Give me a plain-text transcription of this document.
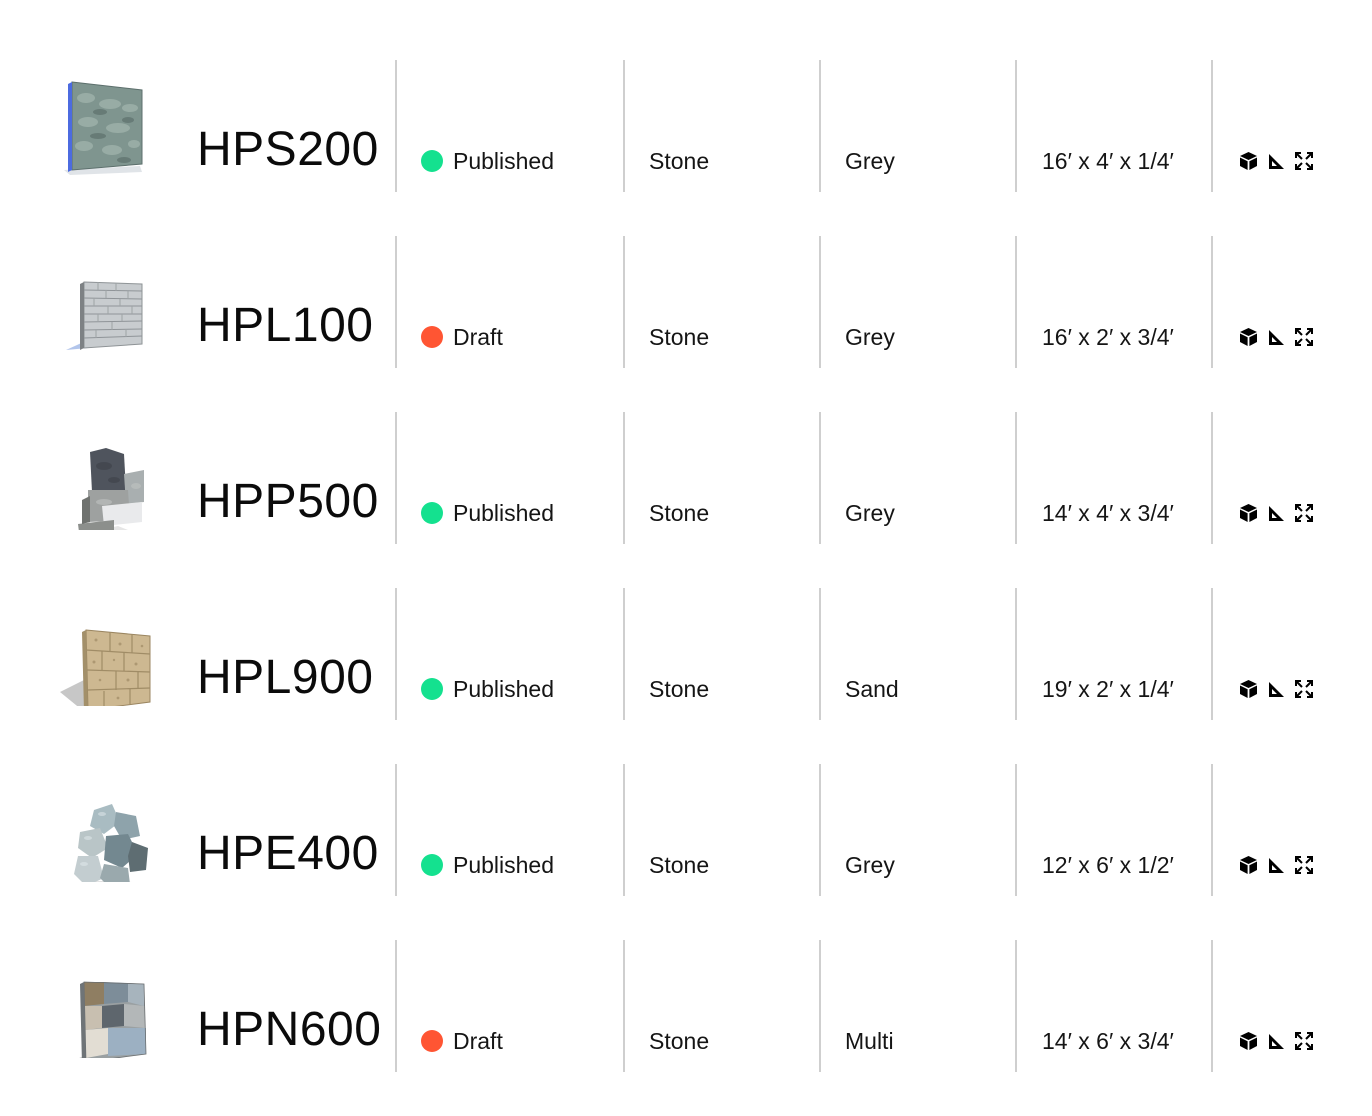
HPS200	Published	Stone	Grey	16′ x 4′ x 1/4′
HPL100	Draft	Stone	Grey	16′ x 2′ x 3/4′
HPP500	Published	Stone	Grey	14′ x 4′ x 3/4′
HPL900	Published	Stone	Sand	19′ x 2′ x 1/4′
HPE400	Published	Stone	Grey	12′ x 6′ x 1/2′
HPN600	Draft	Stone	Multi	14′ x 6′ x 3/4′
